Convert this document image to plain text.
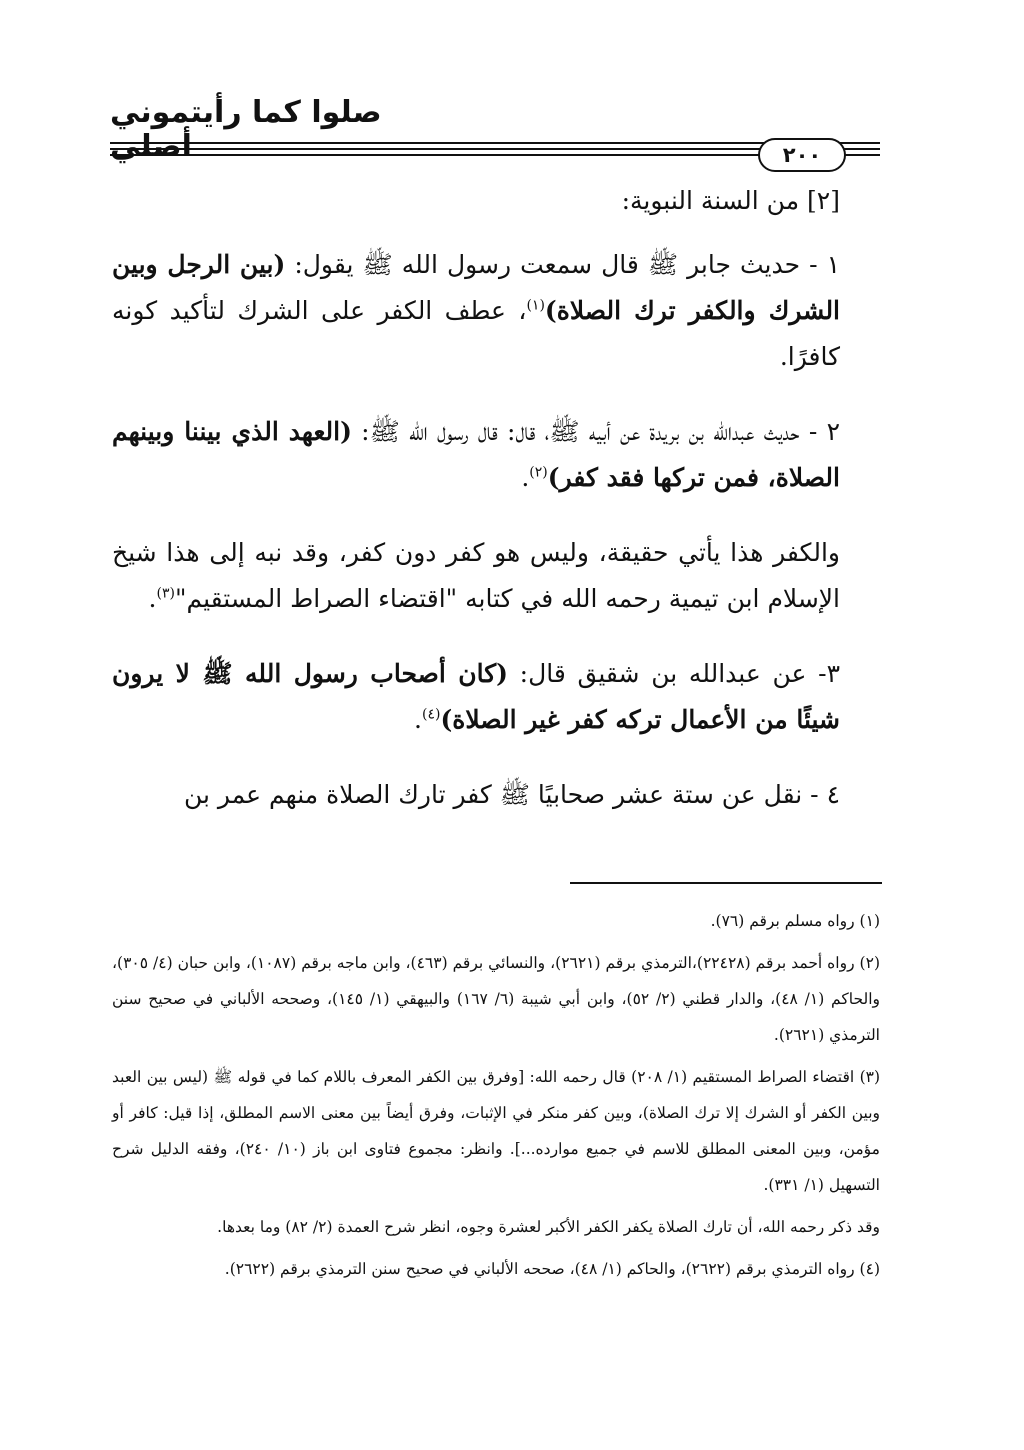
صلوا كما رأيتموني أصلي	٢٠٠

[٢] من السنة النبوية:

١ - حديث جابر ﷺ قال سمعت رسول الله ﷺ يقول: (بين الرجل وبين الشرك والكفر ترك الصلاة)$^{(١)}$، عطف الكفر على الشرك لتأكيد كونه كافرًا.

٢ - حديث عبدالله بن بريدة عن أبيه ﷺ، قال: قال رسول الله ﷺ: (العهد الذي بيننا وبينهم الصلاة، فمن تركها فقد كفر)$^{(٢)}$.

والكفر هذا يأتي حقيقة، وليس هو كفر دون كفر، وقد نبه إلى هذا شيخ الإسلام ابن تيمية رحمه الله في كتابه "اقتضاء الصراط المستقيم"$^{(٣)}$.

٣- عن عبدالله بن شقيق قال: (كان أصحاب رسول الله ﷺ لا يرون شيئًا من الأعمال تركه كفر غير الصلاة)$^{(٤)}$.

٤ - نقل عن ستة عشر صحابيًا ﷺ كفر تارك الصلاة منهم عمر بن

(١) رواه مسلم برقم (٧٦).

(٢) رواه أحمد برقم (٢٢٤٢٨)،الترمذي برقم (٢٦٢١)، والنسائي برقم (٤٦٣)، وابن ماجه برقم (١٠٨٧)، وابن حبان (٤/ ٣٠٥)، والحاكم (١/ ٤٨)، والدار قطني (٢/ ٥٢)، وابن أبي شيبة (٦/ ١٦٧) والبيهقي (١/ ١٤٥)، وصححه الألباني في صحيح سنن الترمذي (٢٦٢١).

(٣) اقتضاء الصراط المستقيم (١/ ٢٠٨) قال رحمه الله: [وفرق بين الكفر المعرف باللام كما في قوله ﷺ (ليس بين العبد وبين الكفر أو الشرك إلا ترك الصلاة)، وبين كفر منكر في الإثبات، وفرق أيضاً بين معنى الاسم المطلق، إذا قيل: كافر أو مؤمن، وبين المعنى المطلق للاسم في جميع موارده...]. وانظر: مجموع فتاوى ابن باز (١٠/ ٢٤٠)، وفقه الدليل شرح التسهيل (١/ ٣٣١).

وقد ذكر رحمه الله، أن تارك الصلاة يكفر الكفر الأكبر لعشرة وجوه، انظر شرح العمدة (٢/ ٨٢) وما بعدها.

(٤) رواه الترمذي برقم (٢٦٢٢)، والحاكم (١/ ٤٨)، صححه الألباني في صحيح سنن الترمذي برقم (٢٦٢٢).
